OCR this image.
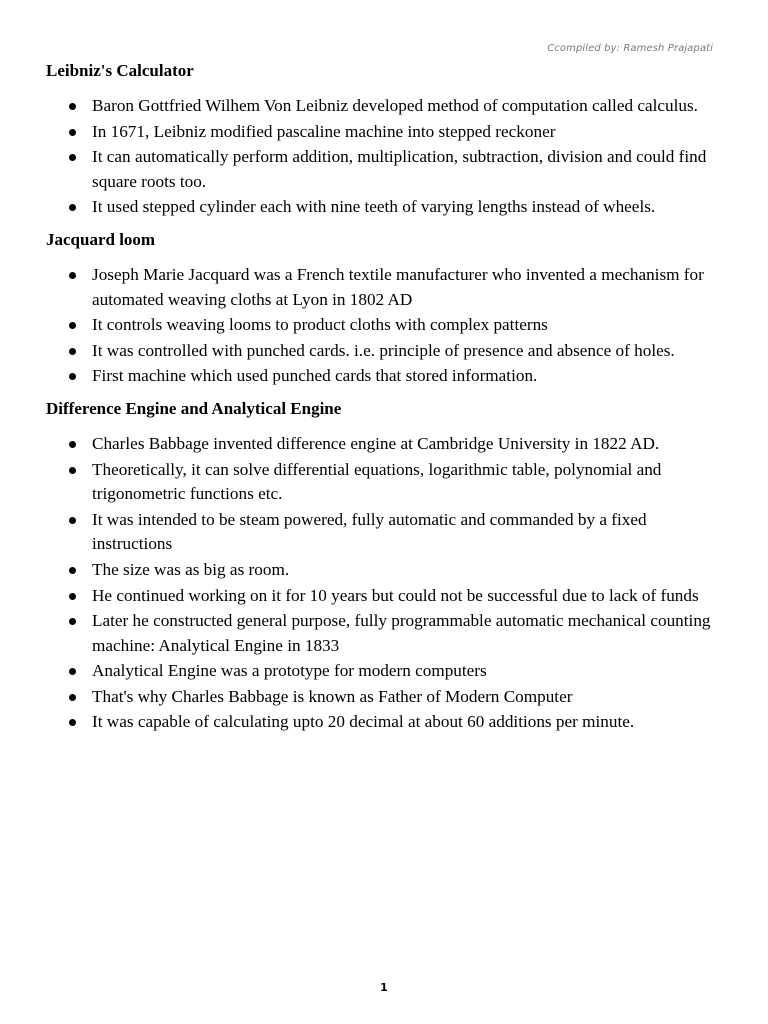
Ccompiled by: Ramesh Prajapati
Leibniz's Calculator
Baron Gottfried Wilhem Von Leibniz developed method of computation called calculus.
In 1671, Leibniz modified pascaline machine into stepped reckoner
It can automatically perform addition, multiplication, subtraction, division and could find square roots too.
It used stepped cylinder each with nine teeth of varying lengths instead of wheels.
Jacquard loom
Joseph Marie Jacquard was a French textile manufacturer who invented a mechanism for automated weaving cloths at Lyon in 1802 AD
It controls weaving looms to product cloths with complex patterns
It was controlled with punched cards. i.e. principle of presence and absence of holes.
First machine which used punched cards that stored information.
Difference Engine and Analytical Engine
Charles Babbage invented difference engine at Cambridge University in 1822 AD.
Theoretically, it can solve differential equations, logarithmic table, polynomial and trigonometric functions etc.
It was intended to be steam powered, fully automatic and commanded by a fixed instructions
The size was as big as room.
He continued working on it for 10 years but could not be successful due to lack of funds
Later he constructed general purpose, fully programmable automatic mechanical counting machine: Analytical Engine in 1833
Analytical Engine was a prototype for modern computers
That's why Charles Babbage is known as Father of Modern Computer
It was capable of calculating upto 20 decimal at about 60 additions per minute.
1
